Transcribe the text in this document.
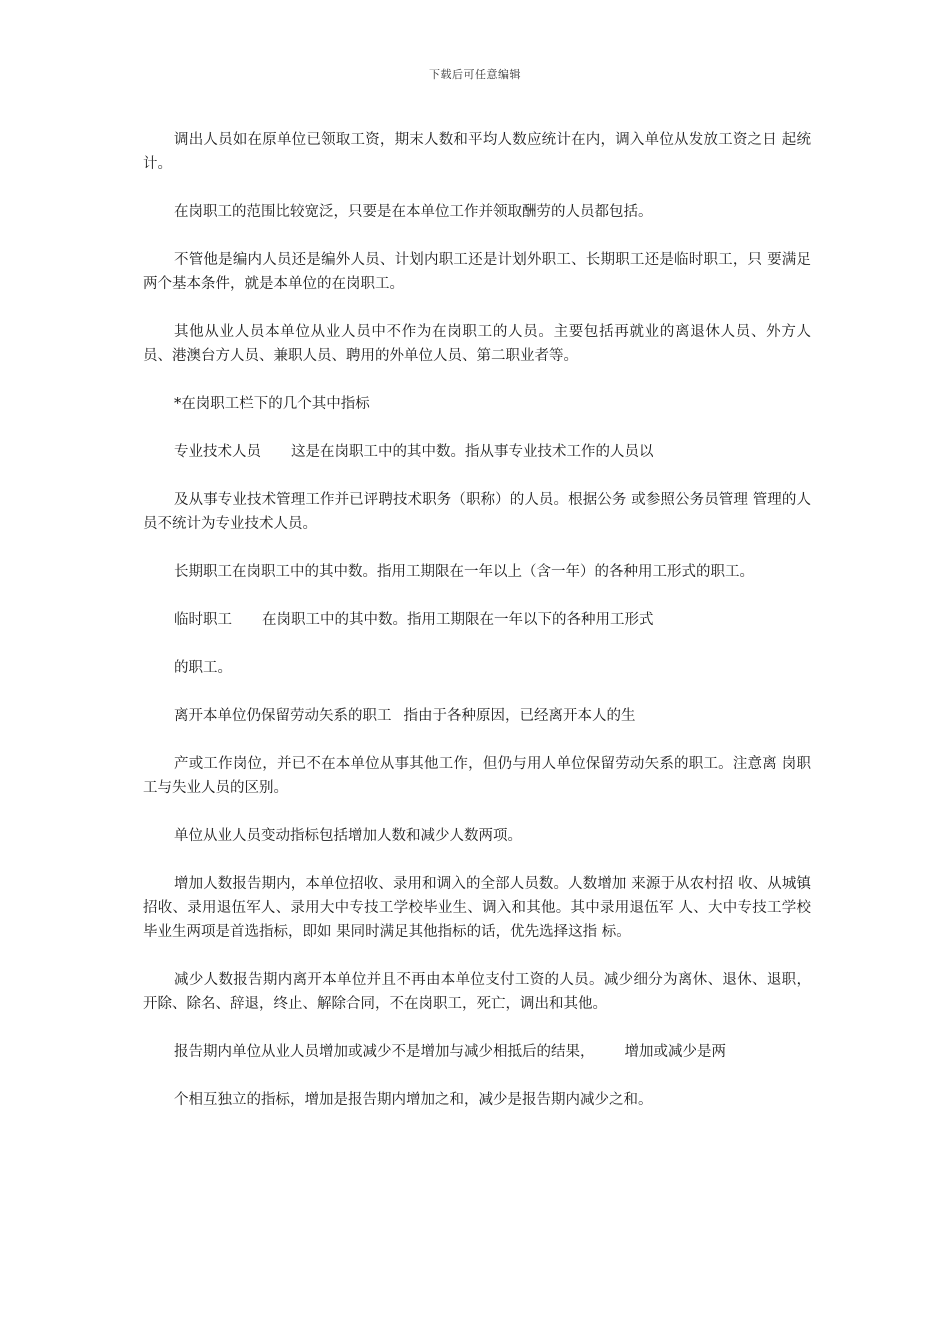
下载后可任意编辑

调出人员如在原单位已领取工资，期末人数和平均人数应统计在内，调入单位从发放工资之日 起统计。

在岗职工的范围比较宽泛，只要是在本单位工作并领取酬劳的人员都包括。

不管他是编内人员还是编外人员、计划内职工还是计划外职工、长期职工还是临时职工，只 要满足两个基本条件，就是本单位的在岗职工。

其他从业人员本单位从业人员中不作为在岗职工的人员。主要包括再就业的离退休人员、外方人员、港澳台方人员、兼职人员、聘用的外单位人员、第二职业者等。

*在岗职工栏下的几个其中指标

专业技术人员 这是在岗职工中的其中数。指从事专业技术工作的人员以

及从事专业技术管理工作并已评聘技术职务（职称）的人员。根据公务 或参照公务员管理 管理的人员不统计为专业技术人员。

长期职工在岗职工中的其中数。指用工期限在一年以上（含一年）的各种用工形式的职工。

临时职工 在岗职工中的其中数。指用工期限在一年以下的各种用工形式

的职工。

离开本单位仍保留劳动矢系的职工 指由于各种原因，已经离开本人的生

产或工作岗位，并已不在本单位从事其他工作，但仍与用人单位保留劳动矢系的职工。注意离 岗职工与失业人员的区别。

单位从业人员变动指标包括增加人数和减少人数两项。

增加人数报告期内，本单位招收、录用和调入的全部人员数。人数增加 来源于从农村招 收、从城镇招收、录用退伍军人、录用大中专技工学校毕业生、调入和其他。其中录用退伍军 人、大中专技工学校毕业生两项是首选指标，即如 果同时满足其他指标的话，优先选择这指 标。

减少人数报告期内离开本单位并且不再由本单位支付工资的人员。减少细分为离休、退休、退职，开除、除名、辞退，终止、解除合同，不在岗职工，死亡，调出和其他。

报告期内单位从业人员增加或减少不是增加与减少相抵后的结果， 增加或减少是两

个相互独立的指标，增加是报告期内增加之和，减少是报告期内减少之和。
